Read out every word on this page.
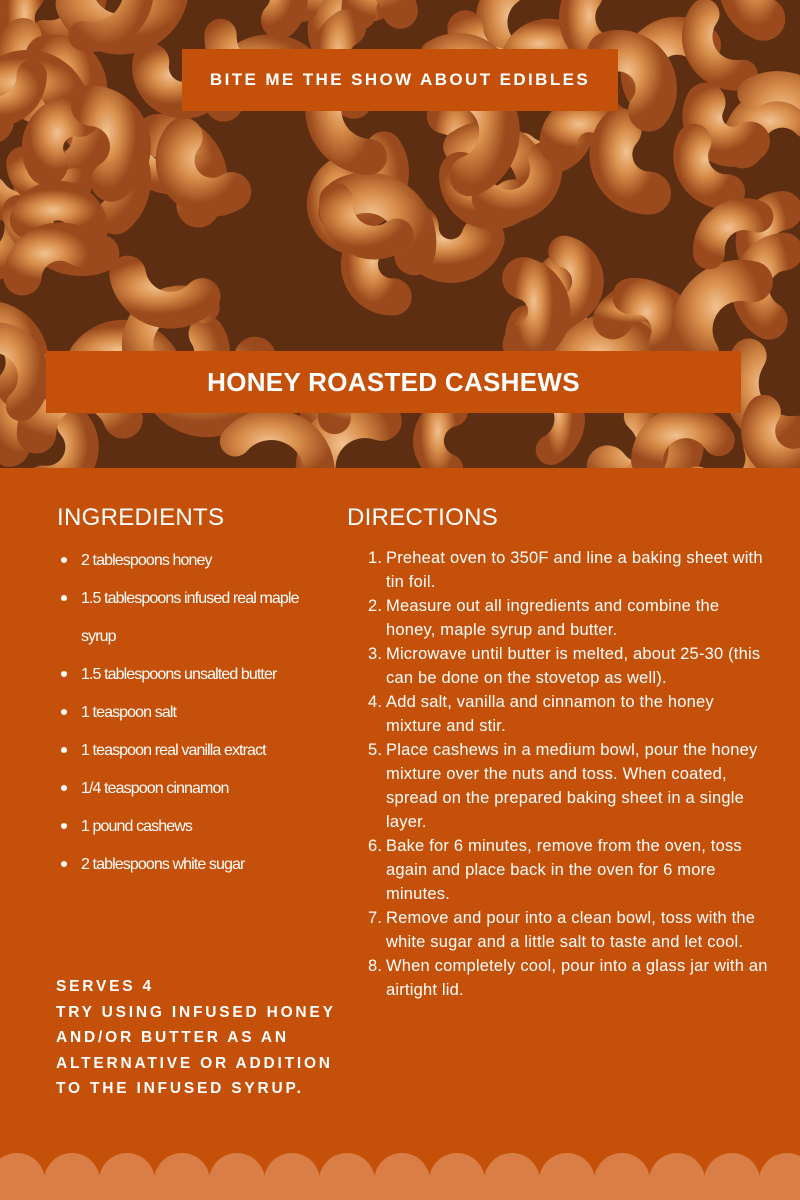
BITE ME THE SHOW ABOUT EDIBLES
HONEY ROASTED CASHEWS
INGREDIENTS
2 tablespoons honey
1.5 tablespoons infused real maple syrup
1.5 tablespoons unsalted butter
1 teaspoon salt
1 teaspoon real vanilla extract
1/4 teaspoon cinnamon
1 pound cashews
2 tablespoons white sugar
DIRECTIONS
1. Preheat oven to 350F and line a baking sheet with tin foil.
2. Measure out all ingredients and combine the honey, maple syrup and butter.
3. Microwave until butter is melted, about 25-30 (this can be done on the stovetop as well).
4. Add salt, vanilla and cinnamon to the honey mixture and stir.
5. Place cashews in a medium bowl, pour the honey mixture over the nuts and toss. When coated, spread on the prepared baking sheet in a single layer.
6. Bake for 6 minutes, remove from the oven, toss again and place back in the oven for 6 more minutes.
7. Remove and pour into a clean bowl, toss with the white sugar and a little salt to taste and let cool.
8. When completely cool, pour into a glass jar with an airtight lid.
SERVES 4
TRY USING INFUSED HONEY AND/OR BUTTER AS AN ALTERNATIVE OR ADDITION TO THE INFUSED SYRUP.
